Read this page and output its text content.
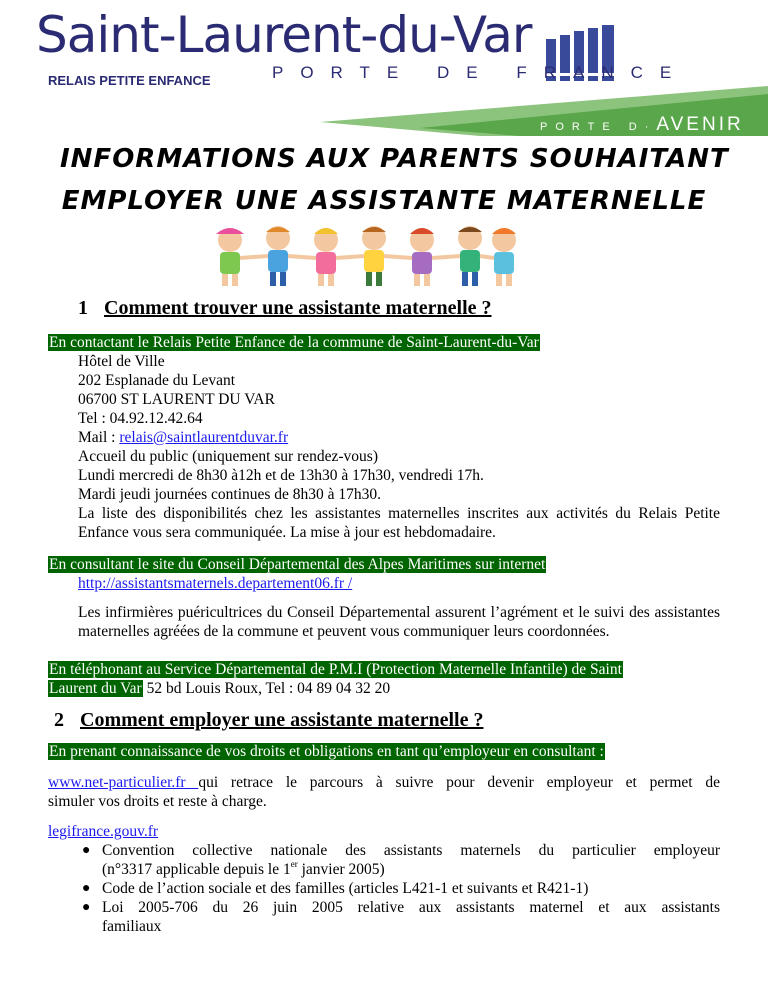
Saint-Laurent-du-Var
RELAIS PETITE ENFANCE	PORTE DE FRANCE
PORTE D·AVENIR
INFORMATIONS AUX PARENTS SOUHAITANT
EMPLOYER UNE ASSISTANTE MATERNELLE
1 Comment trouver une assistante maternelle ?
En contactant le Relais Petite Enfance de la commune de Saint-Laurent-du-Var
Hôtel de Ville
202 Esplanade du Levant
06700 ST LAURENT DU VAR
Tel : 04.92.12.42.64
Mail : relais@saintlaurentduvar.fr
Accueil du public (uniquement sur rendez-vous)
Lundi mercredi de 8h30 à12h et de 13h30 à 17h30, vendredi 17h.
Mardi jeudi journées continues de 8h30 à 17h30.
La liste des disponibilités chez les assistantes maternelles inscrites aux activités du Relais Petite Enfance vous sera communiquée. La mise à jour est hebdomadaire.
En consultant le site du Conseil Départemental des Alpes Maritimes sur internet
http://assistantsmaternels.departement06.fr /
Les infirmières puéricultrices du Conseil Départemental assurent l’agrément et le suivi des assistantes maternelles agréées de la commune et peuvent vous communiquer leurs coordonnées.
En téléphonant au Service Départemental de P.M.I (Protection Maternelle Infantile) de Saint
Laurent du Var 52 bd Louis Roux, Tel : 04 89 04 32 20
2 Comment employer une assistante maternelle ?
En prenant connaissance de vos droits et obligations en tant qu’employeur en consultant :
www.net-particulier.fr qui retrace le parcours à suivre pour devenir employeur et permet de
simuler vos droits et reste à charge.
legifrance.gouv.fr
● Convention collective nationale des assistants maternels du particulier employeur
(n°3317 applicable depuis le 1er janvier 2005)
● Code de l’action sociale et des familles (articles L421-1 et suivants et R421-1)
● Loi 2005-706 du 26 juin 2005 relative aux assistants maternel et aux assistants
familiaux
